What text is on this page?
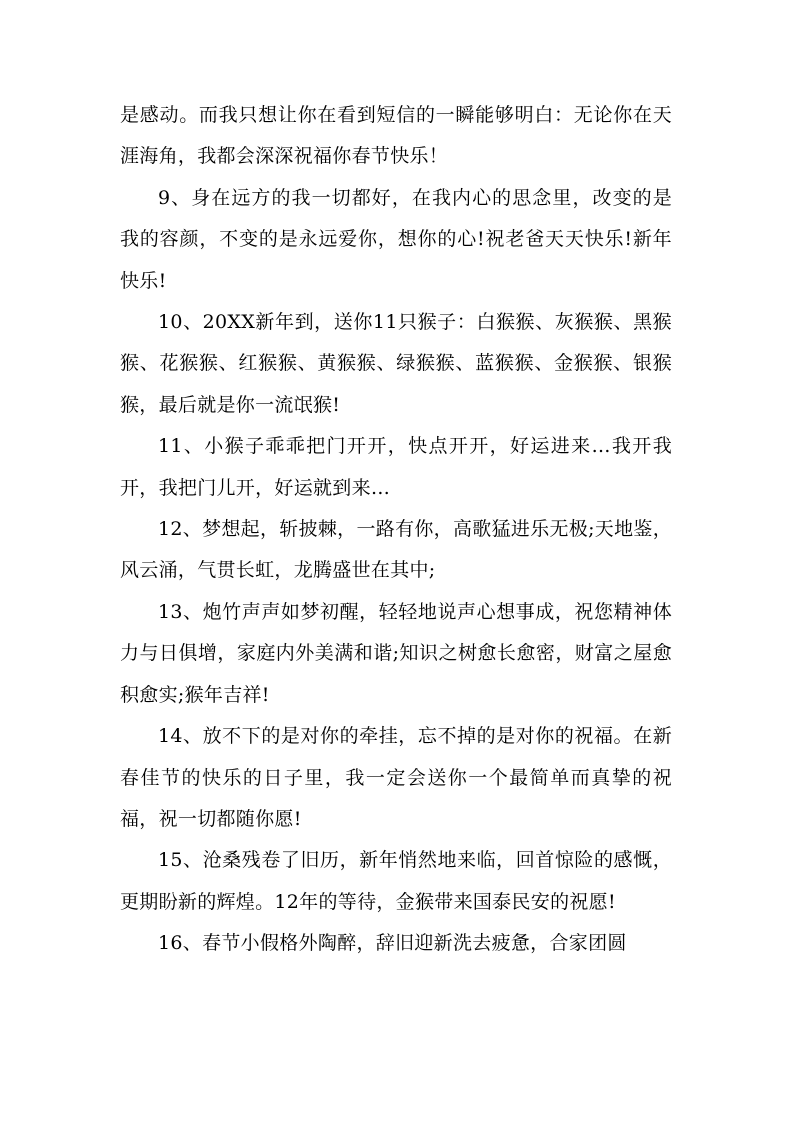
是感动。而我只想让你在看到短信的一瞬能够明白：无论你在天涯海角，我都会深深祝福你春节快乐！

9、身在远方的我一切都好，在我内心的思念里，改变的是我的容颜，不变的是永远爱你，想你的心!祝老爸天天快乐!新年快乐!

10、20XX新年到，送你11只猴子：白猴猴、灰猴猴、黑猴猴、花猴猴、红猴猴、黄猴猴、绿猴猴、蓝猴猴、金猴猴、银猴猴，最后就是你一流氓猴!

11、小猴子乖乖把门开开，快点开开，好运进来…我开我开，我把门儿开，好运就到来…

12、梦想起，斩披棘，一路有你，高歌猛进乐无极;天地鉴，风云涌，气贯长虹，龙腾盛世在其中;

13、炮竹声声如梦初醒，轻轻地说声心想事成，祝您精神体力与日俱增，家庭内外美满和谐;知识之树愈长愈密，财富之屋愈积愈实;猴年吉祥!

14、放不下的是对你的牵挂，忘不掉的是对你的祝福。在新春佳节的快乐的日子里，我一定会送你一个最简单而真挚的祝福，祝一切都随你愿!

15、沧桑残卷了旧历，新年悄然地来临，回首惊险的感慨，更期盼新的辉煌。12年的等待，金猴带来国泰民安的祝愿!

16、春节小假格外陶醉，辞旧迎新洗去疲惫，合家团圆
